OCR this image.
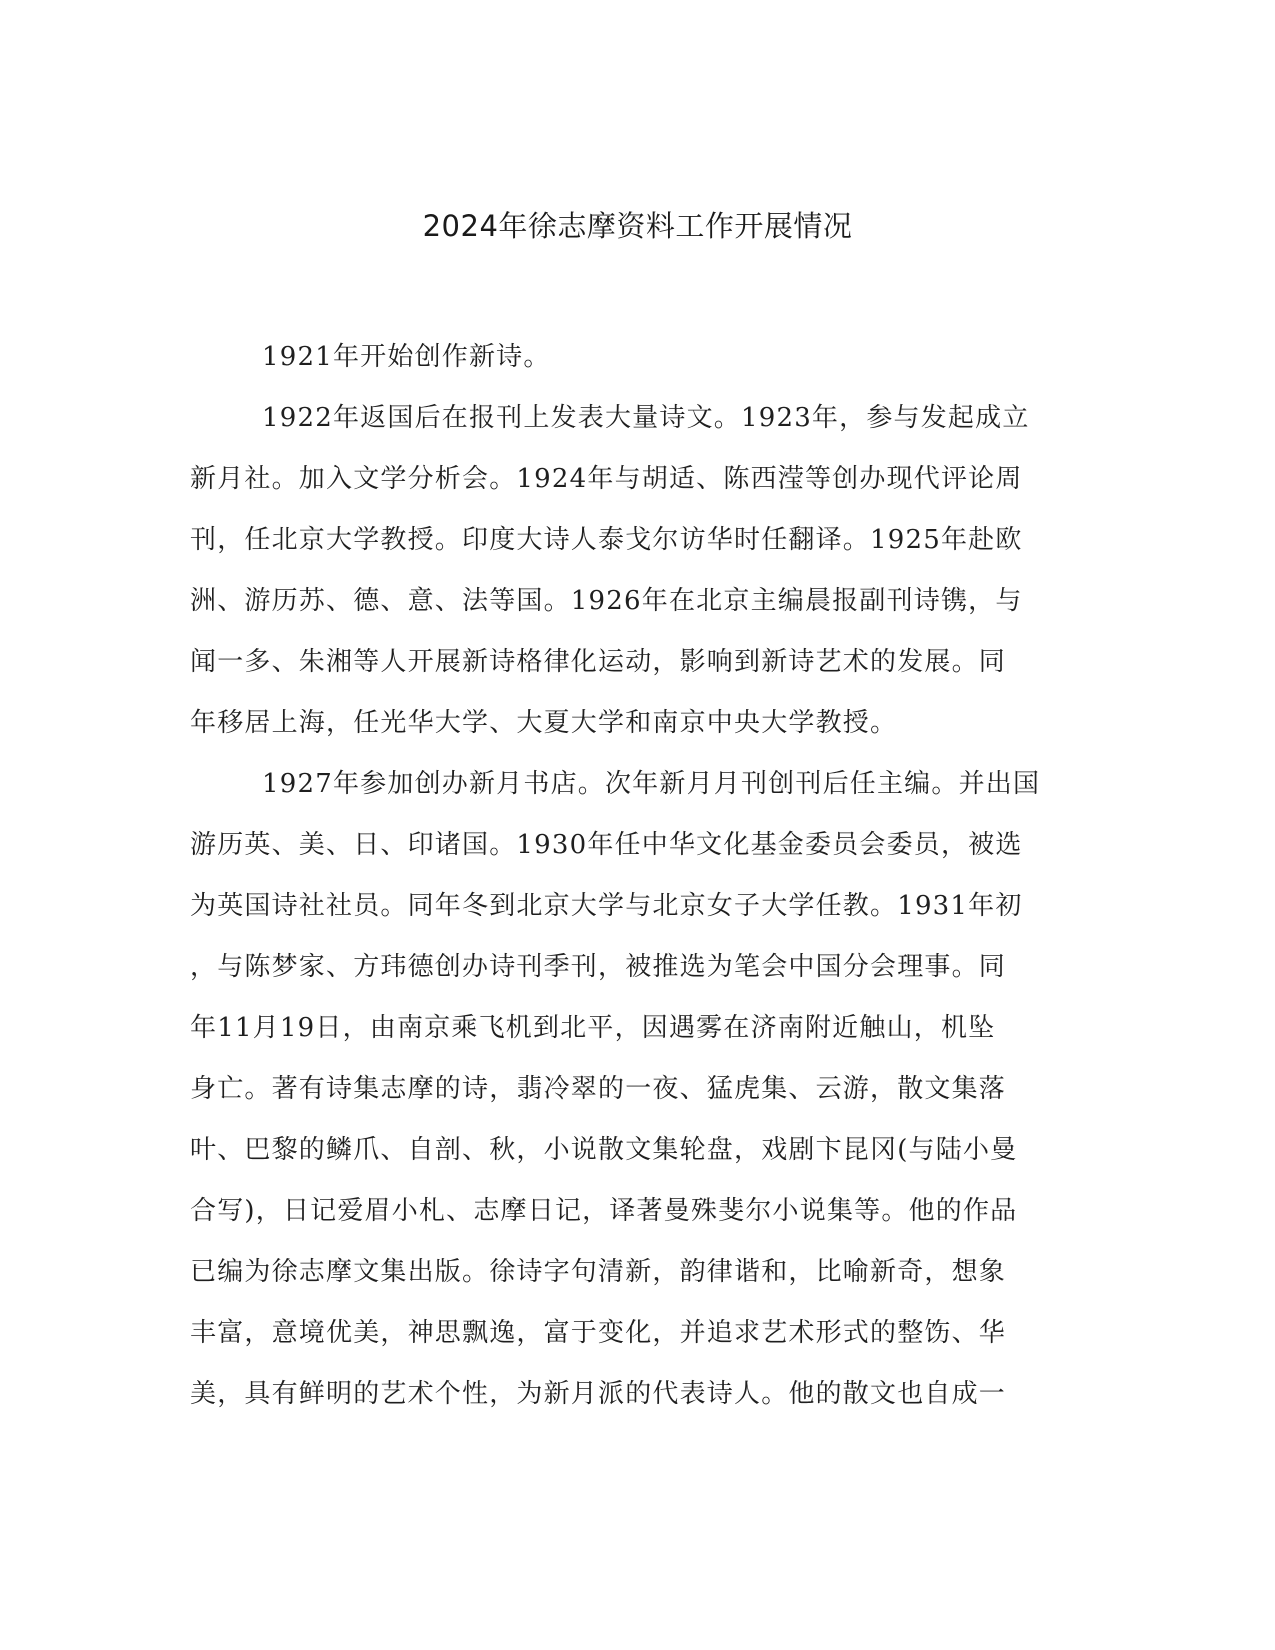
2024年徐志摩资料工作开展情况
1921年开始创作新诗。
1922年返国后在报刊上发表大量诗文。1923年，参与发起成立
新月社。加入文学分析会。1924年与胡适、陈西滢等创办现代评论周
刊，任北京大学教授。印度大诗人泰戈尔访华时任翻译。1925年赴欧
洲、游历苏、德、意、法等国。1926年在北京主编晨报副刊诗镌，与
闻一多、朱湘等人开展新诗格律化运动，影响到新诗艺术的发展。同
年移居上海，任光华大学、大夏大学和南京中央大学教授。
1927年参加创办新月书店。次年新月月刊创刊后任主编。并出国
游历英、美、日、印诸国。1930年任中华文化基金委员会委员，被选
为英国诗社社员。同年冬到北京大学与北京女子大学任教。1931年初
，与陈梦家、方玮德创办诗刊季刊，被推选为笔会中国分会理事。同
年11月19日，由南京乘飞机到北平，因遇雾在济南附近触山，机坠
身亡。著有诗集志摩的诗，翡冷翠的一夜、猛虎集、云游，散文集落
叶、巴黎的鳞爪、自剖、秋，小说散文集轮盘，戏剧卞昆冈(与陆小曼
合写)，日记爱眉小札、志摩日记，译著曼殊斐尔小说集等。他的作品
已编为徐志摩文集出版。徐诗字句清新，韵律谐和，比喻新奇，想象
丰富，意境优美，神思飘逸，富于变化，并追求艺术形式的整饬、华
美，具有鲜明的艺术个性，为新月派的代表诗人。他的散文也自成一
